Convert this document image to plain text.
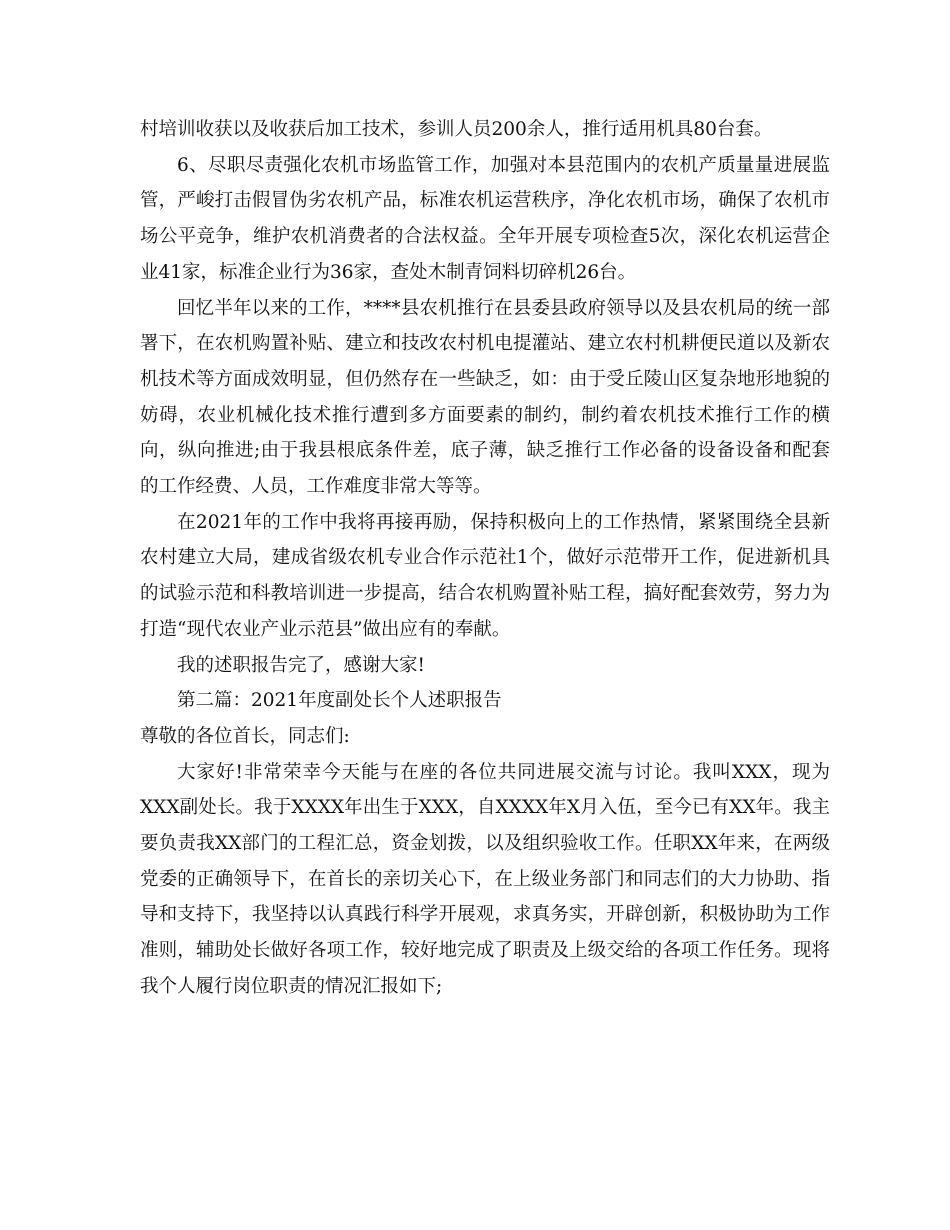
村培训收获以及收获后加工技术，参训人员200余人，推行适用机具80台套。

6、尽职尽责强化农机市场监管工作，加强对本县范围内的农机产质量量进展监管，严峻打击假冒伪劣农机产品，标准农机运营秩序，净化农机市场，确保了农机市场公平竞争，维护农机消费者的合法权益。全年开展专项检查5次，深化农机运营企业41家，标准企业行为36家，查处木制青饲料切碎机26台。

回忆半年以来的工作，****县农机推行在县委县政府领导以及县农机局的统一部署下，在农机购置补贴、建立和技改农村机电提灌站、建立农村机耕便民道以及新农机技术等方面成效明显，但仍然存在一些缺乏，如：由于受丘陵山区复杂地形地貌的妨碍，农业机械化技术推行遭到多方面要素的制约，制约着农机技术推行工作的横向，纵向推进;由于我县根底条件差，底子薄，缺乏推行工作必备的设备设备和配套的工作经费、人员，工作难度非常大等等。

在2021年的工作中我将再接再励，保持积极向上的工作热情，紧紧围绕全县新农村建立大局，建成省级农机专业合作示范社1个，做好示范带开工作，促进新机具的试验示范和科教培训进一步提高，结合农机购置补贴工程，搞好配套效劳，努力为打造“现代农业产业示范县”做出应有的奉献。

我的述职报告完了，感谢大家!

第二篇：2021年度副处长个人述职报告

尊敬的各位首长，同志们:

大家好!非常荣幸今天能与在座的各位共同进展交流与讨论。我叫XXX，现为XXX副处长。我于XXXX年出生于XXX，自XXXX年X月入伍，至今已有XX年。我主要负责我XX部门的工程汇总，资金划拨，以及组织验收工作。任职XX年来，在两级党委的正确领导下，在首长的亲切关心下，在上级业务部门和同志们的大力协助、指导和支持下，我坚持以认真践行科学开展观，求真务实，开辟创新，积极协助为工作准则，辅助处长做好各项工作，较好地完成了职责及上级交给的各项工作任务。现将我个人履行岗位职责的情况汇报如下;
